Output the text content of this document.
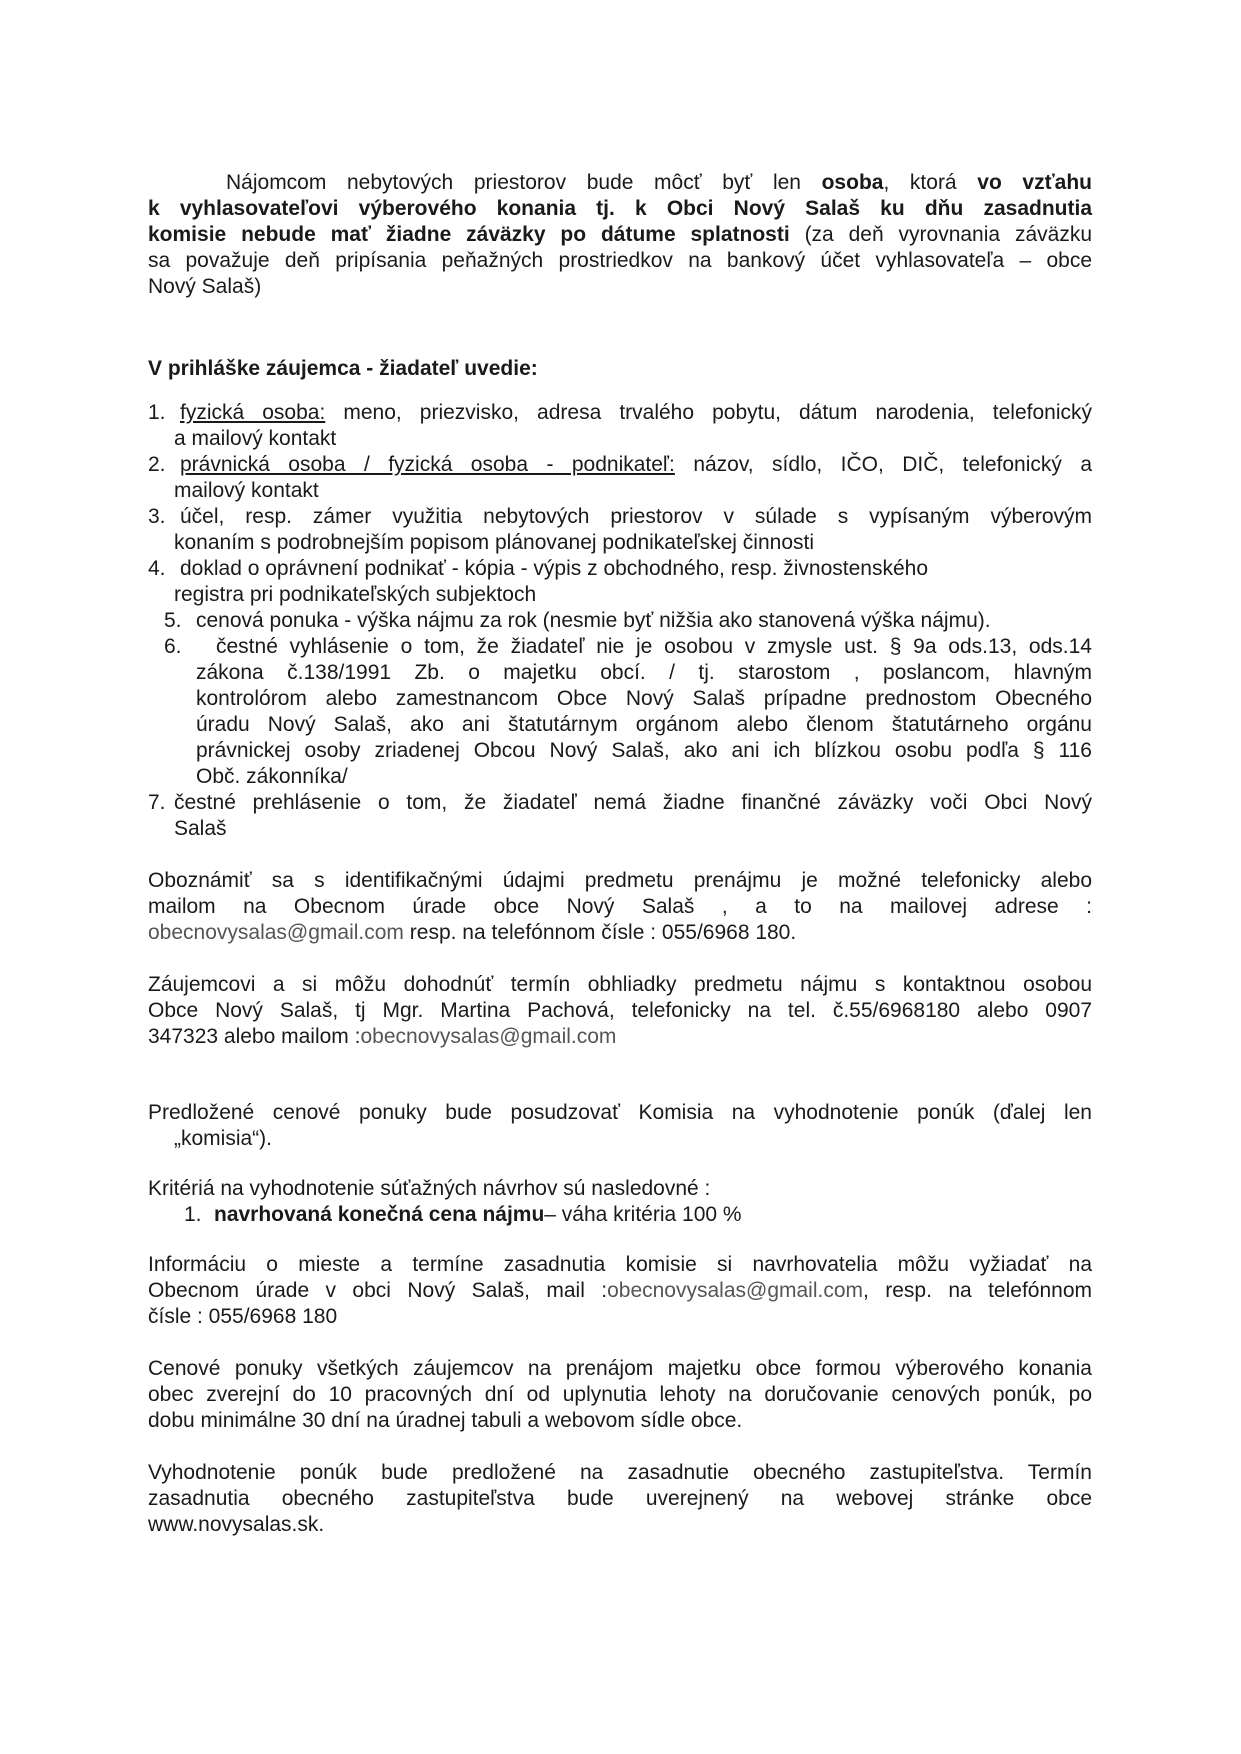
Nájomcom nebytových priestorov bude môcť byť len osoba, ktorá vo vzťahu

k vyhlasovateľovi výberového konania tj. k Obci Nový Salaš ku dňu zasadnutia

komisie nebude mať žiadne záväzky po dátume splatnosti (za deň vyrovnania záväzku

sa považuje deň pripísania peňažných prostriedkov na bankový účet vyhlasovateľa – obce

Nový Salaš)

V prihláške záujemca - žiadateľ uvedie:

1. fyzická osoba: meno, priezvisko, adresa trvalého pobytu, dátum narodenia, telefonický

a mailový kontakt

2. právnická osoba / fyzická osoba - podnikateľ: názov, sídlo, IČO, DIČ, telefonický a

mailový kontakt

3. účel, resp. zámer využitia nebytových priestorov v súlade s vypísaným výberovým

konaním s podrobnejším popisom plánovanej podnikateľskej činnosti

4. doklad o oprávnení podnikať - kópia - výpis z obchodného, resp. živnostenského

registra pri podnikateľských subjektoch

5. cenová ponuka - výška nájmu za rok (nesmie byť nižšia ako stanovená výška nájmu).

6.	čestné vyhlásenie o tom, že žiadateľ nie je osobou v zmysle ust. § 9a ods.13, ods.14

zákona č.138/1991 Zb. o majetku obcí. / tj. starostom , poslancom, hlavným

kontrolórom alebo zamestnancom Obce Nový Salaš prípadne prednostom Obecného

úradu Nový Salaš, ako ani štatutárnym orgánom alebo členom štatutárneho orgánu

právnickej osoby zriadenej Obcou Nový Salaš, ako ani ich blízkou osobu podľa § 116

Obč. zákonníka/

7. čestné prehlásenie o tom, že žiadateľ nemá žiadne finančné záväzky voči Obci Nový

Salaš

Oboznámiť sa s identifikačnými údajmi predmetu prenájmu je možné telefonicky alebo

mailom na Obecnom úrade obce Nový Salaš , a to na mailovej adrese :

obecnovysalas@gmail.com resp. na telefónnom čísle : 055/6968 180.

Záujemcovi a si môžu dohodnúť termín obhliadky predmetu nájmu s kontaktnou osobou

Obce Nový Salaš, tj Mgr. Martina Pachová, telefonicky na tel. č.55/6968180 alebo 0907

347323 alebo mailom :obecnovysalas@gmail.com

Predložené cenové ponuky bude posudzovať Komisia na vyhodnotenie ponúk (ďalej len

„komisia“).

Kritériá na vyhodnotenie súťažných návrhov sú nasledovné :

1. navrhovaná konečná cena nájmu– váha kritéria 100 %

Informáciu o mieste a termíne zasadnutia komisie si navrhovatelia môžu vyžiadať na

Obecnom úrade v obci Nový Salaš, mail :obecnovysalas@gmail.com, resp. na telefónnom

čísle : 055/6968 180

Cenové ponuky všetkých záujemcov na prenájom majetku obce formou výberového konania

obec zverejní do 10 pracovných dní od uplynutia lehoty na doručovanie cenových ponúk, po

dobu minimálne 30 dní na úradnej tabuli a webovom sídle obce.

Vyhodnotenie ponúk bude predložené na zasadnutie obecného zastupiteľstva. Termín

zasadnutia obecného zastupiteľstva bude uverejnený na webovej stránke obce

www.novysalas.sk.
